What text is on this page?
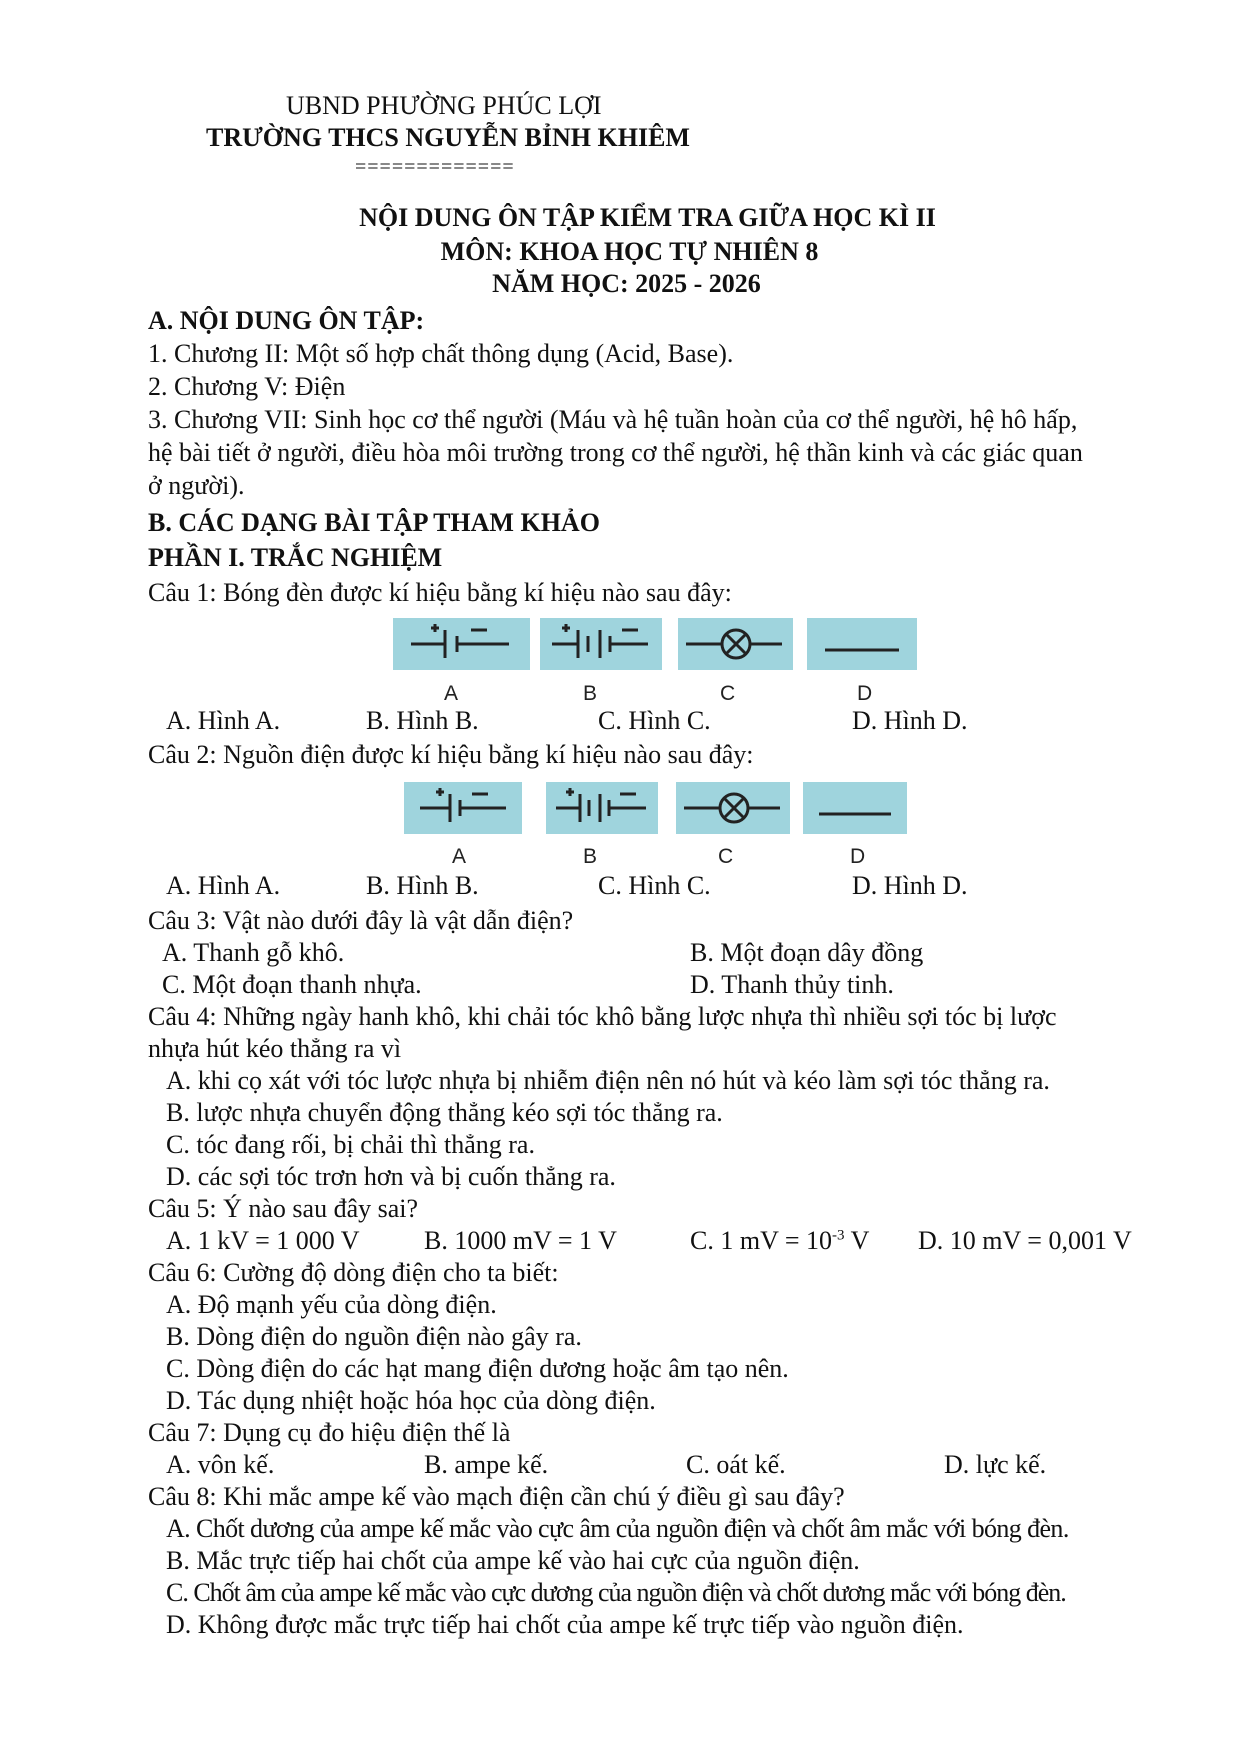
UBND PHƯỜNG PHÚC LỢI
TRƯỜNG THCS NGUYỄN BỈNH KHIÊM
=============
NỘI DUNG ÔN TẬP KIỂM TRA GIỮA HỌC KÌ II
MÔN: KHOA HỌC TỰ NHIÊN 8
NĂM HỌC: 2025 - 2026
A. NỘI DUNG ÔN TẬP:
1. Chương II: Một số hợp chất thông dụng (Acid, Base).
2. Chương V: Điện
3. Chương VII: Sinh học cơ thể người (Máu và hệ tuần hoàn của cơ thể người, hệ hô hấp,
hệ bài tiết ở người, điều hòa môi trường trong cơ thể người, hệ thần kinh và các giác quan
ở người).
B. CÁC DẠNG BÀI TẬP THAM KHẢO
PHẦN I. TRẮC NGHIỆM
Câu 1: Bóng đèn được kí hiệu bằng kí hiệu nào sau đây:
A	B	C	D
A. Hình A.	B. Hình B.	C. Hình C.	D. Hình D.
Câu 2: Nguồn điện được kí hiệu bằng kí hiệu nào sau đây:
A	B	C	D
A. Hình A.	B. Hình B.	C. Hình C.	D. Hình D.
Câu 3: Vật nào dưới đây là vật dẫn điện?
A. Thanh gỗ khô.	B. Một đoạn dây đồng
C. Một đoạn thanh nhựa.	D. Thanh thủy tinh.
Câu 4: Những ngày hanh khô, khi chải tóc khô bằng lược nhựa thì nhiều sợi tóc bị lược
nhựa hút kéo thẳng ra vì
A. khi cọ xát với tóc lược nhựa bị nhiễm điện nên nó hút và kéo làm sợi tóc thẳng ra.
B. lược nhựa chuyển động thẳng kéo sợi tóc thẳng ra.
C. tóc đang rối, bị chải thì thẳng ra.
D. các sợi tóc trơn hơn và bị cuốn thẳng ra.
Câu 5: Ý nào sau đây sai?
A. 1 kV = 1 000 V B. 1000 mV = 1 V	C. 1 mV = $10^{-3}$ V D. 10 mV = 0,001 V
Câu 6: Cường độ dòng điện cho ta biết:
A. Độ mạnh yếu của dòng điện.
B. Dòng điện do nguồn điện nào gây ra.
C. Dòng điện do các hạt mang điện dương hoặc âm tạo nên.
D. Tác dụng nhiệt hoặc hóa học của dòng điện.
Câu 7: Dụng cụ đo hiệu điện thế là
A. vôn kế.	B. ampe kế.	C. oát kế.	D. lực kế.
Câu 8: Khi mắc ampe kế vào mạch điện cần chú ý điều gì sau đây?
A. Chốt dương của ampe kế mắc vào cực âm của nguồn điện và chốt âm mắc với bóng đèn.
B. Mắc trực tiếp hai chốt của ampe kế vào hai cực của nguồn điện.
C. Chốt âm của ampe kế mắc vào cực dương của nguồn điện và chốt dương mắc với bóng đèn.
D. Không được mắc trực tiếp hai chốt của ampe kế trực tiếp vào nguồn điện.
